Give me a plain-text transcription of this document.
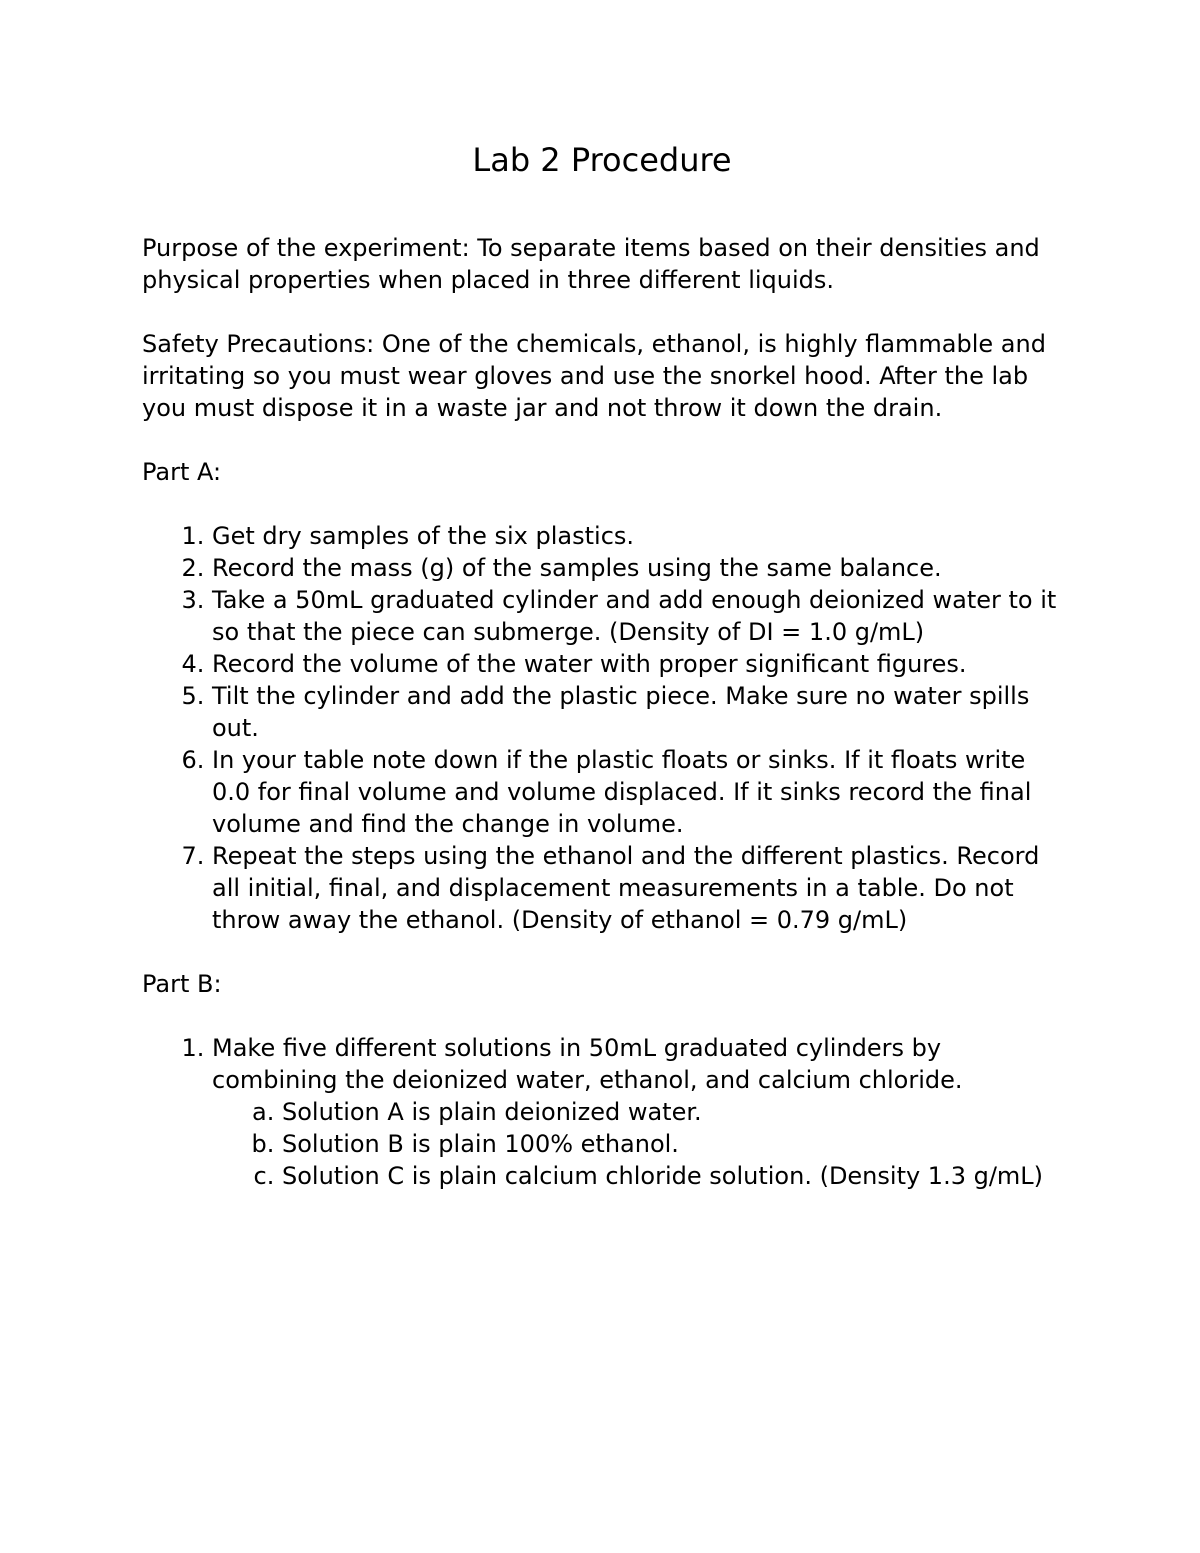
Lab 2 Procedure

Purpose of the experiment: To separate items based on their densities and physical properties when placed in three different liquids.

Safety Precautions: One of the chemicals, ethanol, is highly flammable and irritating so you must wear gloves and use the snorkel hood. After the lab you must dispose it in a waste jar and not throw it down the drain.

Part A:
1. Get dry samples of the six plastics.
2. Record the mass (g) of the samples using the same balance.
3. Take a 50mL graduated cylinder and add enough deionized water to it so that the piece can submerge. (Density of DI = 1.0 g/mL)
4. Record the volume of the water with proper significant figures.
5. Tilt the cylinder and add the plastic piece. Make sure no water spills out.
6. In your table note down if the plastic floats or sinks. If it floats write 0.0 for final volume and volume displaced. If it sinks record the final volume and find the change in volume.
7. Repeat the steps using the ethanol and the different plastics. Record all initial, final, and displacement measurements in a table. Do not throw away the ethanol. (Density of ethanol = 0.79 g/mL)
Part B:
1. Make five different solutions in 50mL graduated cylinders by combining the deionized water, ethanol, and calcium chloride.
a. Solution A is plain deionized water.
b. Solution B is plain 100% ethanol.
c. Solution C is plain calcium chloride solution. (Density 1.3 g/mL)
